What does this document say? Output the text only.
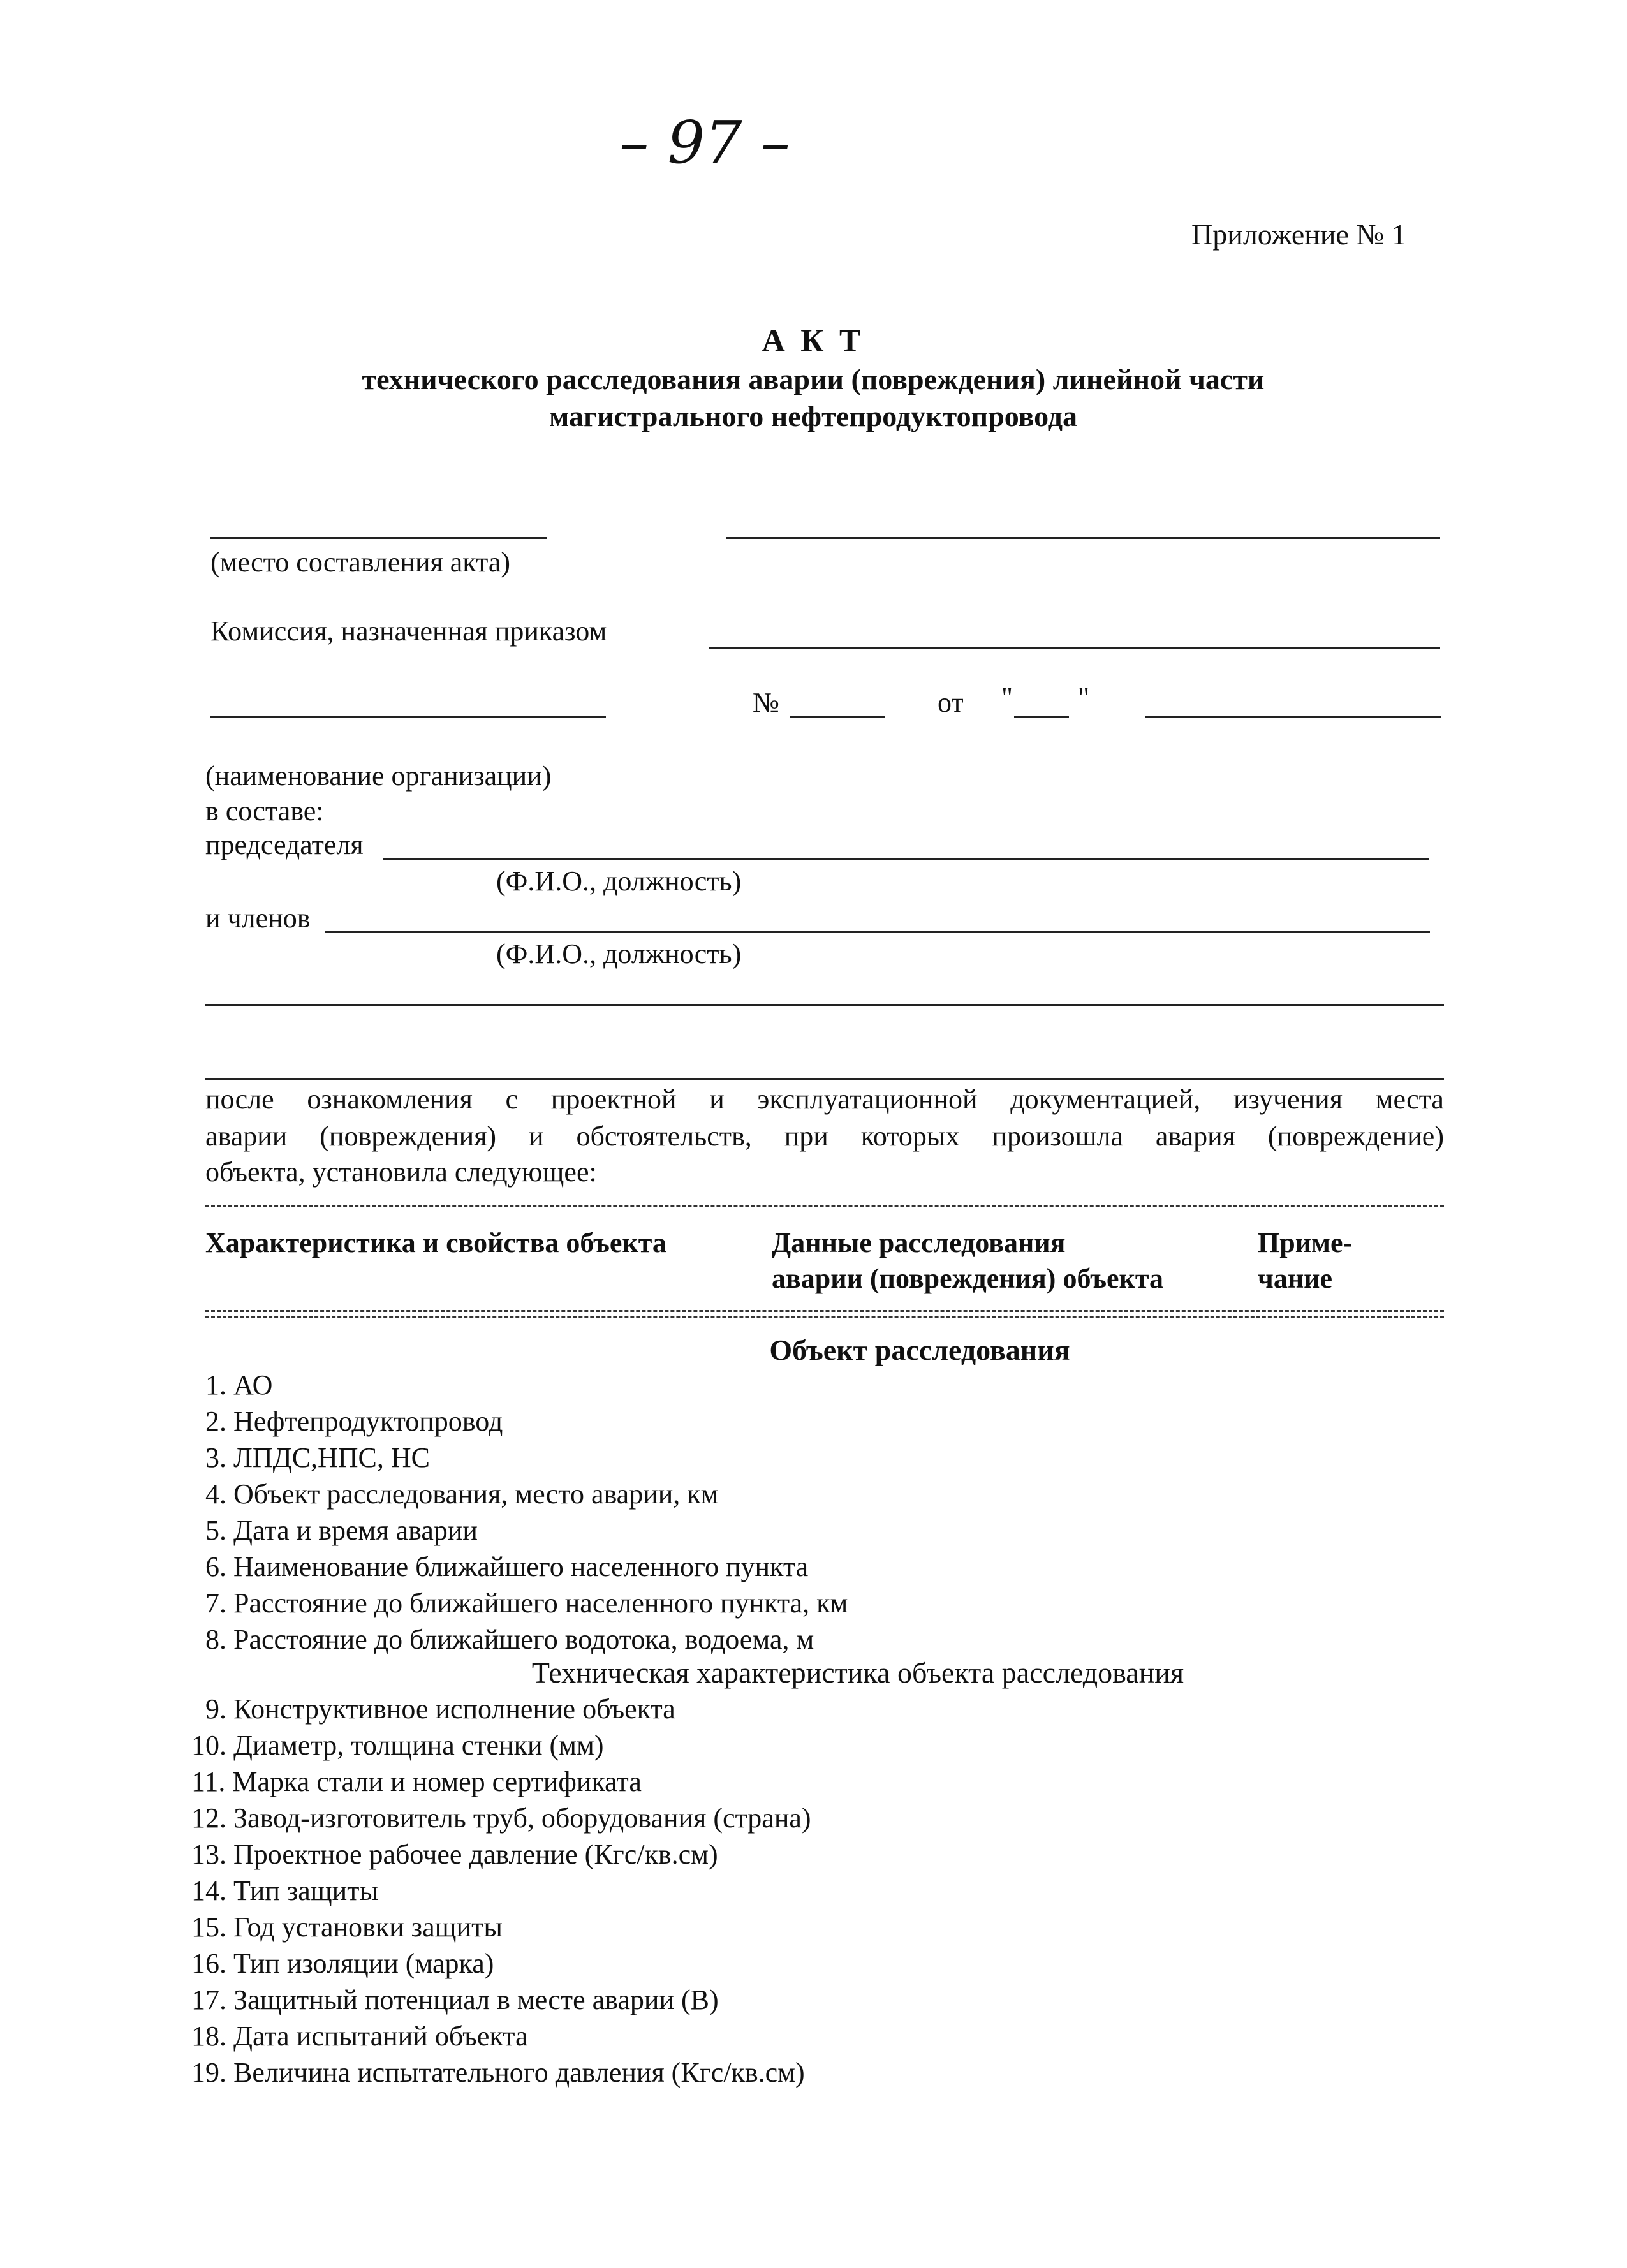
– 97 –
Приложение № 1
А К Т
технического расследования аварии (повреждения) линейной части
магистрального нефтепродуктопровода
(место составления акта)
Комиссия, назначенная приказом
№	от " "
(наименование организации)
в составе:
председателя
(Ф.И.О., должность)
и членов
(Ф.И.О., должность)
после ознакомления с проектной и эксплуатационной документацией, изучения места
аварии (повреждения) и обстоятельств, при которых произошла авария (повреждение)
объекта, установила следующее:
Характеристика и свойства объекта	Данные расследования
аварии (повреждения) объекта
Приме-
чание
Объект расследования
1. АО
2. Нефтепродуктопровод
3. ЛПДС,НПС, НС
4. Объект расследования, место аварии, км
5. Дата и время аварии
6. Наименование ближайшего населенного пункта
7. Расстояние до ближайшего населенного пункта, км
8. Расстояние до ближайшего водотока, водоема, м
Техническая характеристика объекта расследования
9. Конструктивное исполнение объекта
10. Диаметр, толщина стенки (мм)
11. Марка стали и номер сертификата
12. Завод-изготовитель труб, оборудования (страна)
13. Проектное рабочее давление (Кгс/кв.см)
14. Тип защиты
15. Год установки защиты
16. Тип изоляции (марка)
17. Защитный потенциал в месте аварии (В)
18. Дата испытаний объекта
19. Величина испытательного давления (Кгс/кв.см)
